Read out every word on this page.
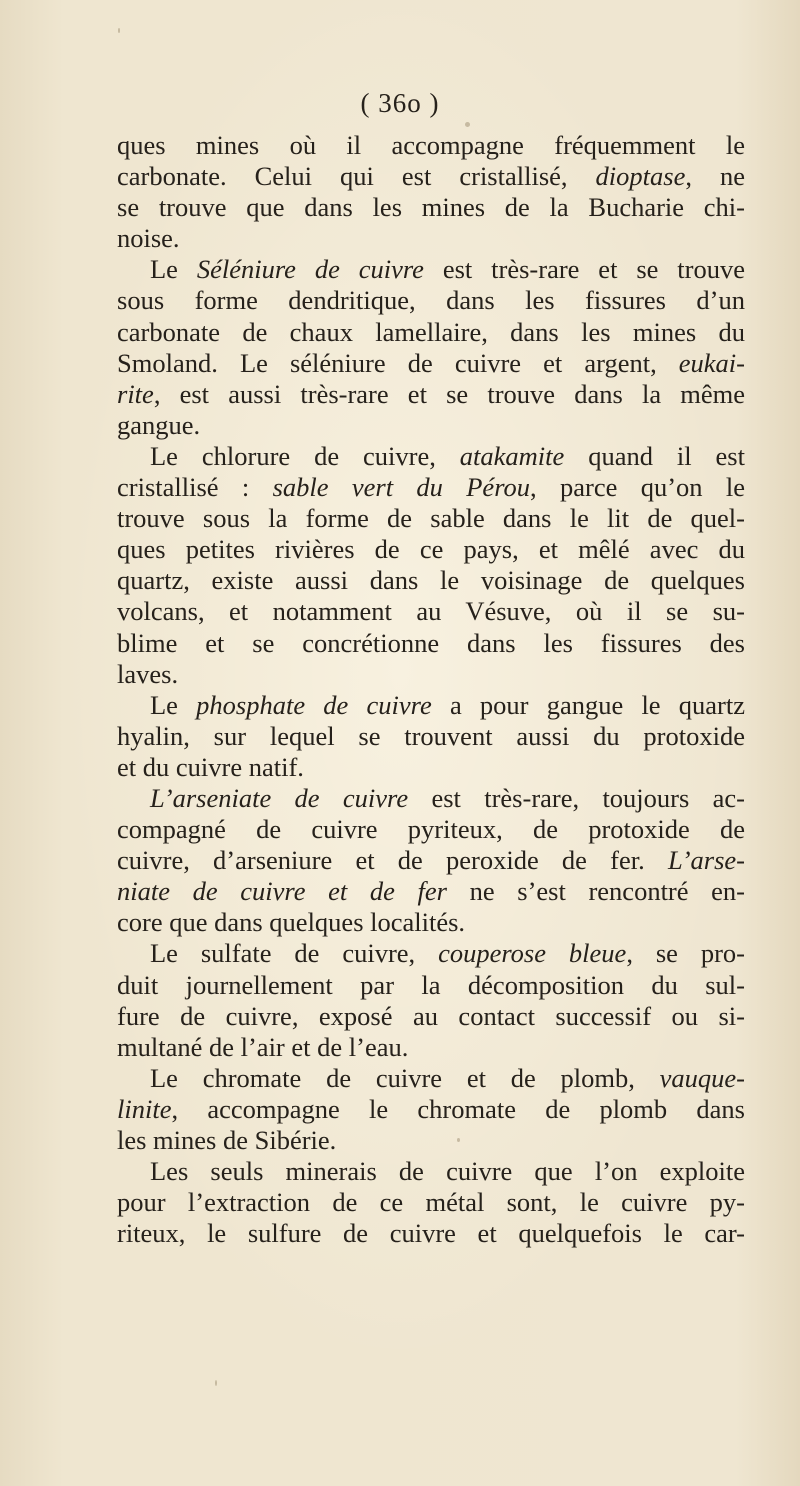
( 36o )
ques mines où il accompagne fréquemment le
carbonate. Celui qui est cristallisé, dioptase, ne
se trouve que dans les mines de la Bucharie chi-
noise.
Le Séléniure de cuivre est très-rare et se trouve
sous forme dendritique, dans les fissures d’un
carbonate de chaux lamellaire, dans les mines du
Smoland. Le séléniure de cuivre et argent, eukai-
rite, est aussi très-rare et se trouve dans la même
gangue.
Le chlorure de cuivre, atakamite quand il est
cristallisé : sable vert du Pérou, parce qu’on le
trouve sous la forme de sable dans le lit de quel-
ques petites rivières de ce pays, et mêlé avec du
quartz, existe aussi dans le voisinage de quelques
volcans, et notamment au Vésuve, où il se su-
blime et se concrétionne dans les fissures des
laves.
Le phosphate de cuivre a pour gangue le quartz
hyalin, sur lequel se trouvent aussi du protoxide
et du cuivre natif.
L’arseniate de cuivre est très-rare, toujours ac-
compagné de cuivre pyriteux, de protoxide de
cuivre, d’arseniure et de peroxide de fer. L’arse-
niate de cuivre et de fer ne s’est rencontré en-
core que dans quelques localités.
Le sulfate de cuivre, couperose bleue, se pro-
duit journellement par la décomposition du sul-
fure de cuivre, exposé au contact successif ou si-
multané de l’air et de l’eau.
Le chromate de cuivre et de plomb, vauque-
linite, accompagne le chromate de plomb dans
les mines de Sibérie.
Les seuls minerais de cuivre que l’on exploite
pour l’extraction de ce métal sont, le cuivre py-
riteux, le sulfure de cuivre et quelquefois le car-
